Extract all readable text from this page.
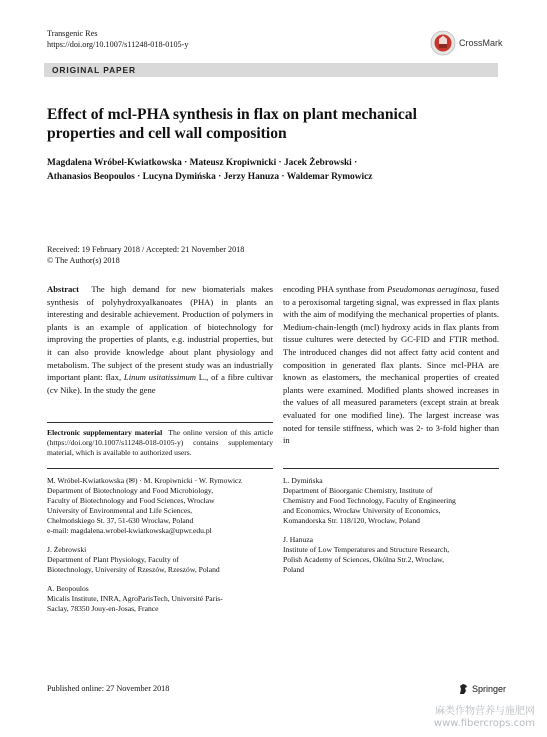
Transgenic Res
https://doi.org/10.1007/s11248-018-0105-y	CrossMark
ORIGINAL PAPER
Effect of mcl-PHA synthesis in flax on plant mechanical properties and cell wall composition
Magdalena Wróbel-Kwiatkowska · Mateusz Kropiwnicki · Jacek Żebrowski ·
Athanasios Beopoulos · Lucyna Dymińska · Jerzy Hanuza · Waldemar Rymowicz
Received: 19 February 2018 / Accepted: 21 November 2018
© The Author(s) 2018
Abstract The high demand for new biomaterials makes synthesis of polyhydroxyalkanoates (PHA) in plants an interesting and desirable achievement. Production of polymers in plants is an example of application of biotechnology for improving the properties of plants, e.g. industrial properties, but it can also provide knowledge about plant physiology and metabolism. The subject of the present study was an industrially important plant: flax, Linum usitatissimum L., of a fibre cultivar (cv Nike). In the study the gene
encoding PHA synthase from Pseudomonas aeruginosa, fused to a peroxisomal targeting signal, was expressed in flax plants with the aim of modifying the mechanical properties of plants. Medium-chain-length (mcl) hydroxy acids in flax plants from tissue cultures were detected by GC-FID and FTIR method. The introduced changes did not affect fatty acid content and composition in generated flax plants. Since mcl-PHA are known as elastomers, the mechanical properties of created plants were examined. Modified plants showed increases in the values of all measured parameters (except strain at break evaluated for one modified line). The largest increase was noted for tensile stiffness, which was 2- to 3-fold higher than in
Electronic supplementary material The online version of this article (https://doi.org/10.1007/s11248-018-0105-y) contains supplementary material, which is available to authorized users.
M. Wróbel-Kwiatkowska (✉) · M. Kropiwnicki · W. Rymowicz
Department of Biotechnology and Food Microbiology,
Faculty of Biotechnology and Food Sciences, Wrocław
University of Environmental and Life Sciences,
Chełmońskiego St. 37, 51-630 Wrocław, Poland
e-mail: magdalena.wrobel-kwiatkowska@upwr.edu.pl
J. Żebrowski
Department of Plant Physiology, Faculty of
Biotechnology, University of Rzeszów, Rzeszów, Poland
A. Beopoulos
Micalis Institute, INRA, AgroParisTech, Université Paris-
Saclay, 78350 Jouy-en-Josas, France
L. Dymińska
Department of Bioorganic Chemistry, Institute of
Chemistry and Food Technology, Faculty of Engineering
and Economics, Wrocław University of Economics,
Komandorska Str. 118/120, Wrocław, Poland
J. Hanuza
Institute of Low Temperatures and Structure Research,
Polish Academy of Sciences, Okólna Str.2, Wrocław,
Poland
Published online: 27 November 2018	Springer
麻类作物营养与施肥网
www.fibercrops.com
